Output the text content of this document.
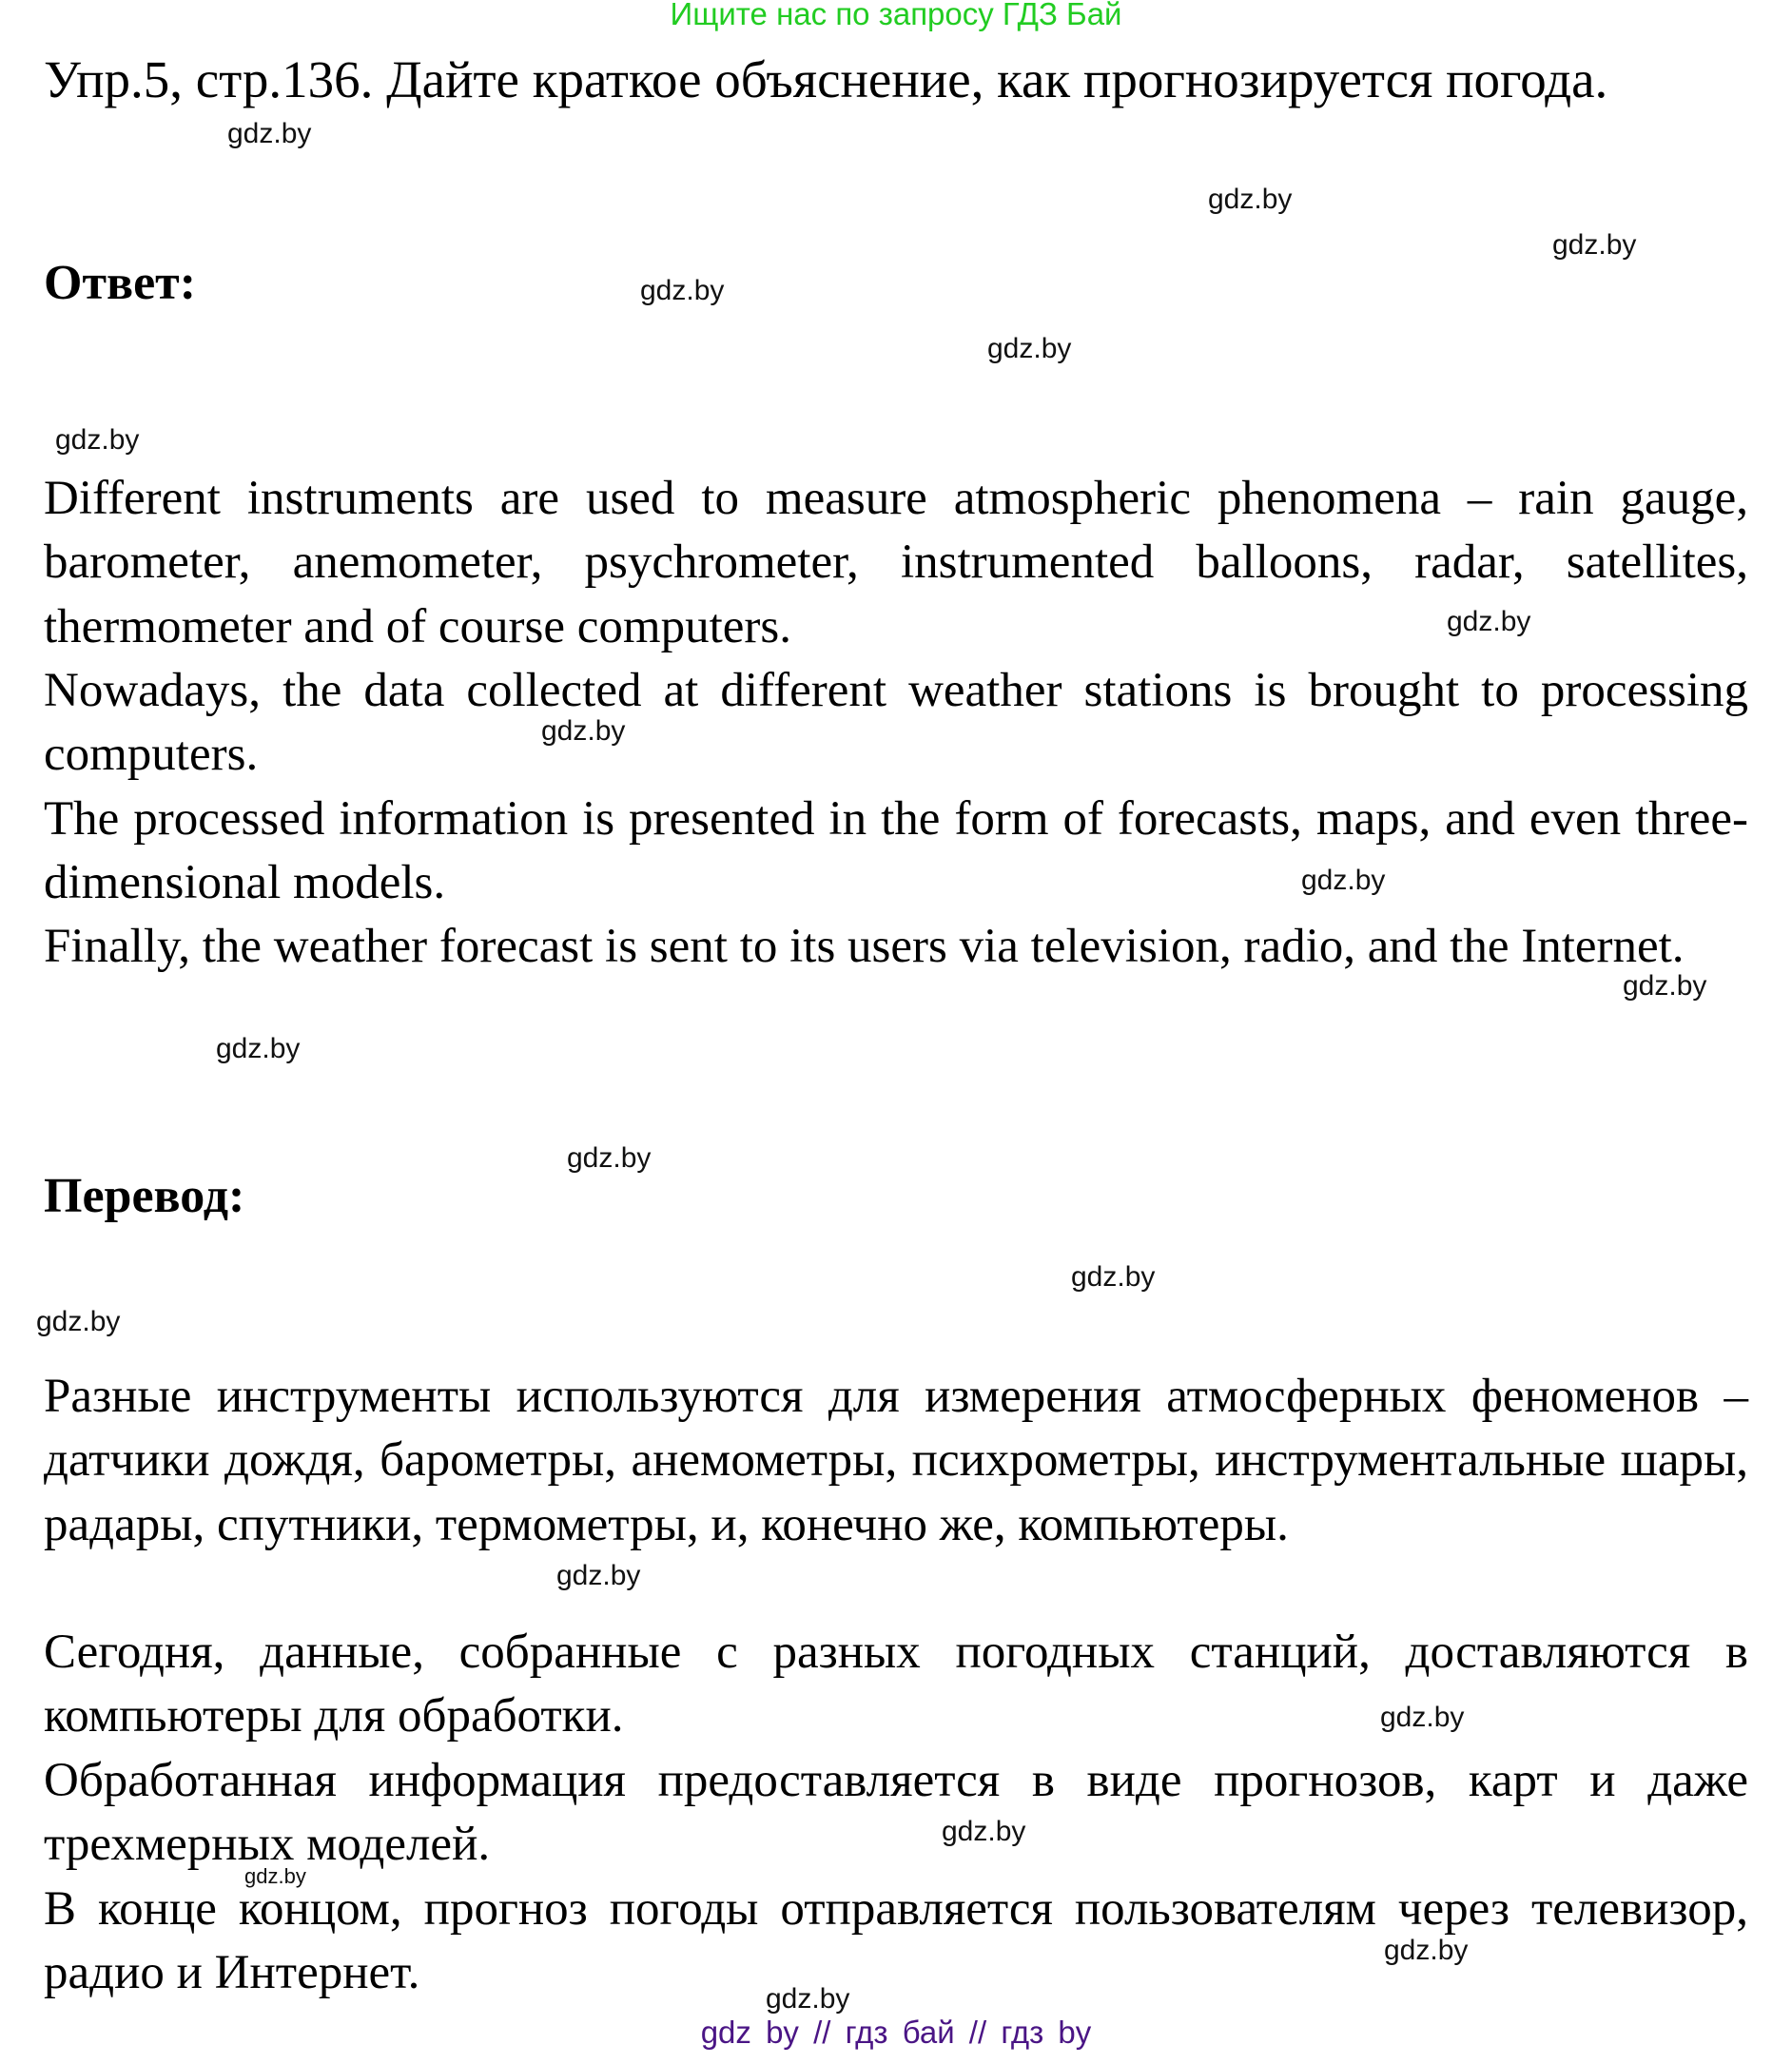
Ищите нас по запросу ГДЗ Бай
Упр.5, стр.136. Дайте краткое объяснение, как прогнозируется погода.
Ответ:

Different instruments are used to measure atmospheric phenomena – rain gauge, barometer, anemometer, psychrometer, instrumented balloons, radar, satellites, thermometer and of course computers.

Nowadays, the data collected at different weather stations is brought to processing computers.

The processed information is presented in the form of forecasts, maps, and even three-dimensional models.

Finally, the weather forecast is sent to its users via television, radio, and the Internet.

Перевод:

Разные инструменты используются для измерения атмосферных феноменов – датчики дождя, барометры, анемометры, психрометры, инструментальные шары, радары, спутники, термометры, и, конечно же, компьютеры.

Сегодня, данные, собранные с разных погодных станций, доставляются в компьютеры для обработки.

Обработанная информация предоставляется в виде прогнозов, карт и даже трехмерных моделей.

В конце концом, прогноз погоды отправляется пользователям через телевизор, радио и Интернет.

gdz.by
gdz.by
gdz.by
gdz.by
gdz.by
gdz.by
gdz.by
gdz.by
gdz.by
gdz.by
gdz.by
gdz.by
gdz.by
gdz.by
gdz.by
gdz.by
gdz.by
gdz.by
gdz.by
gdz.by
gdz by // гдз бай // гдз by
